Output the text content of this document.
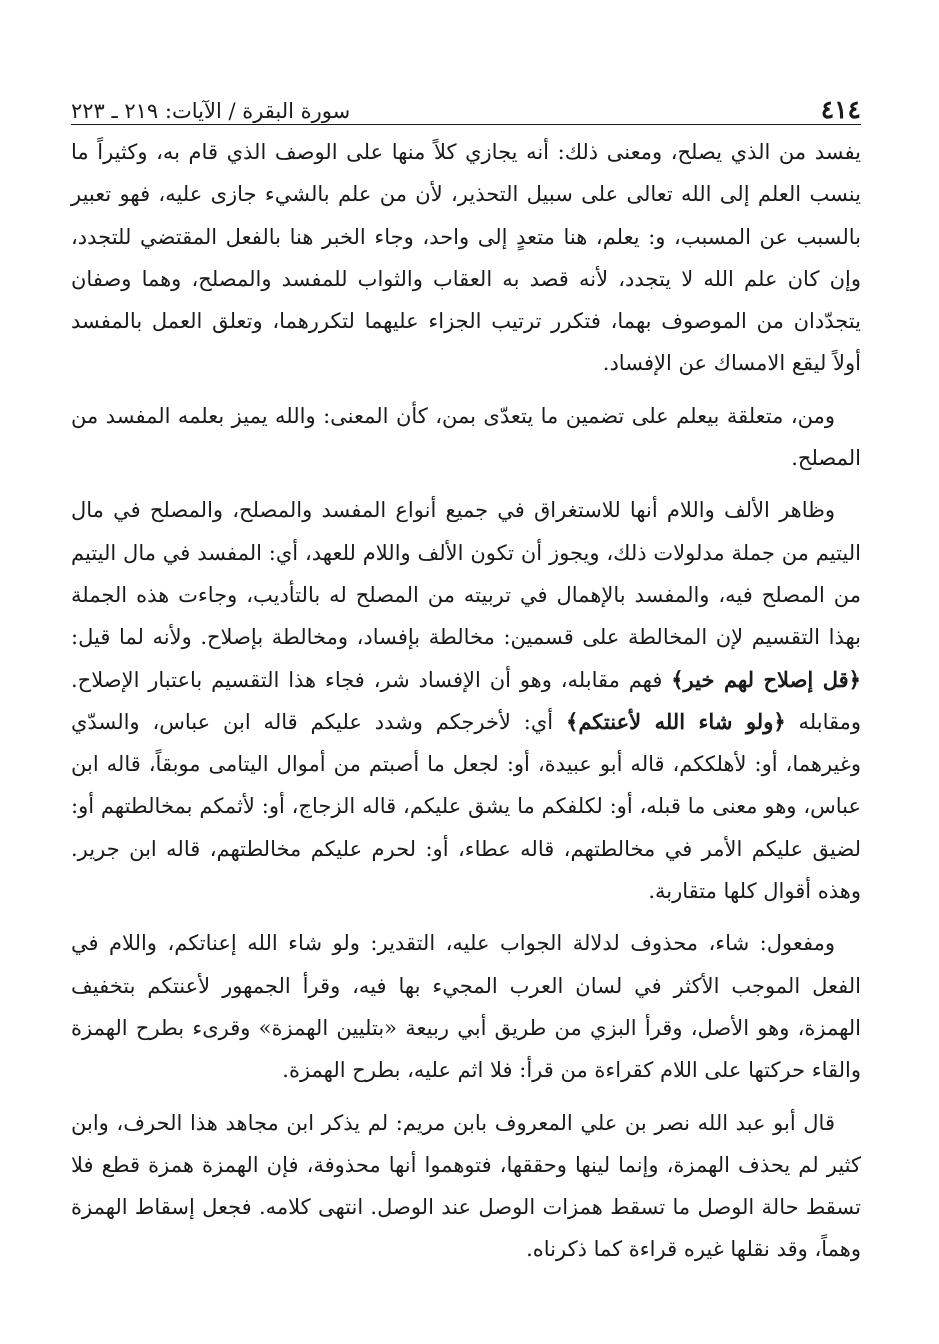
٤١٤
سورة البقرة / الآيات: ٢١٩ ـ ٢٢٣

يفسد من الذي يصلح، ومعنى ذلك: أنه يجازي كلاً منها على الوصف الذي قام به، وكثيراً ما ينسب العلم إلى الله تعالى على سبيل التحذير، لأن من علم بالشيء جازى عليه، فهو تعبير بالسبب عن المسبب، و: يعلم، هنا متعدٍ إلى واحد، وجاء الخبر هنا بالفعل المقتضي للتجدد، وإن كان علم الله لا يتجدد، لأنه قصد به العقاب والثواب للمفسد والمصلح، وهما وصفان يتجدّدان من الموصوف بهما، فتكرر ترتيب الجزاء عليهما لتكررهما، وتعلق العمل بالمفسد أولاً ليقع الامساك عن الإفساد.

ومن، متعلقة بيعلم على تضمين ما يتعدّى بمن، كأن المعنى: والله يميز بعلمه المفسد من المصلح.

وظاهر الألف واللام أنها للاستغراق في جميع أنواع المفسد والمصلح، والمصلح في مال اليتيم من جملة مدلولات ذلك، ويجوز أن تكون الألف واللام للعهد، أي: المفسد في مال اليتيم من المصلح فيه، والمفسد بالإهمال في تربيته من المصلح له بالتأديب، وجاءت هذه الجملة بهذا التقسيم لإن المخالطة على قسمين: مخالطة بإفساد، ومخالطة بإصلاح. ولأنه لما قيل: ﴿قل إصلاح لهم خير﴾ فهم مقابله، وهو أن الإفساد شر، فجاء هذا التقسيم باعتبار الإصلاح. ومقابله ﴿ولو شاء الله لأعنتكم﴾ أي: لأخرجكم وشدد عليكم قاله ابن عباس، والسدّي وغيرهما، أو: لأهلككم، قاله أبو عبيدة، أو: لجعل ما أصبتم من أموال اليتامى موبقاً، قاله ابن عباس، وهو معنى ما قبله، أو: لكلفكم ما يشق عليكم، قاله الزجاج، أو: لأثمكم بمخالطتهم أو: لضيق عليكم الأمر في مخالطتهم، قاله عطاء، أو: لحرم عليكم مخالطتهم، قاله ابن جرير. وهذه أقوال كلها متقاربة.

ومفعول: شاء، محذوف لدلالة الجواب عليه، التقدير: ولو شاء الله إعناتكم، واللام في الفعل الموجب الأكثر في لسان العرب المجيء بها فيه، وقرأ الجمهور لأعنتكم بتخفيف الهمزة، وهو الأصل، وقرأ البزي من طريق أبي ربيعة «بتليين الهمزة» وقرىء بطرح الهمزة والقاء حركتها على اللام كقراءة من قرأ: فلا اثم عليه، بطرح الهمزة.

قال أبو عبد الله نصر بن علي المعروف بابن مريم: لم يذكر ابن مجاهد هذا الحرف، وابن كثير لم يحذف الهمزة، وإنما لينها وحققها، فتوهموا أنها محذوفة، فإن الهمزة همزة قطع فلا تسقط حالة الوصل ما تسقط همزات الوصل عند الوصل. انتهى كلامه. فجعل إسقاط الهمزة وهماً، وقد نقلها غيره قراءة كما ذكرناه.
